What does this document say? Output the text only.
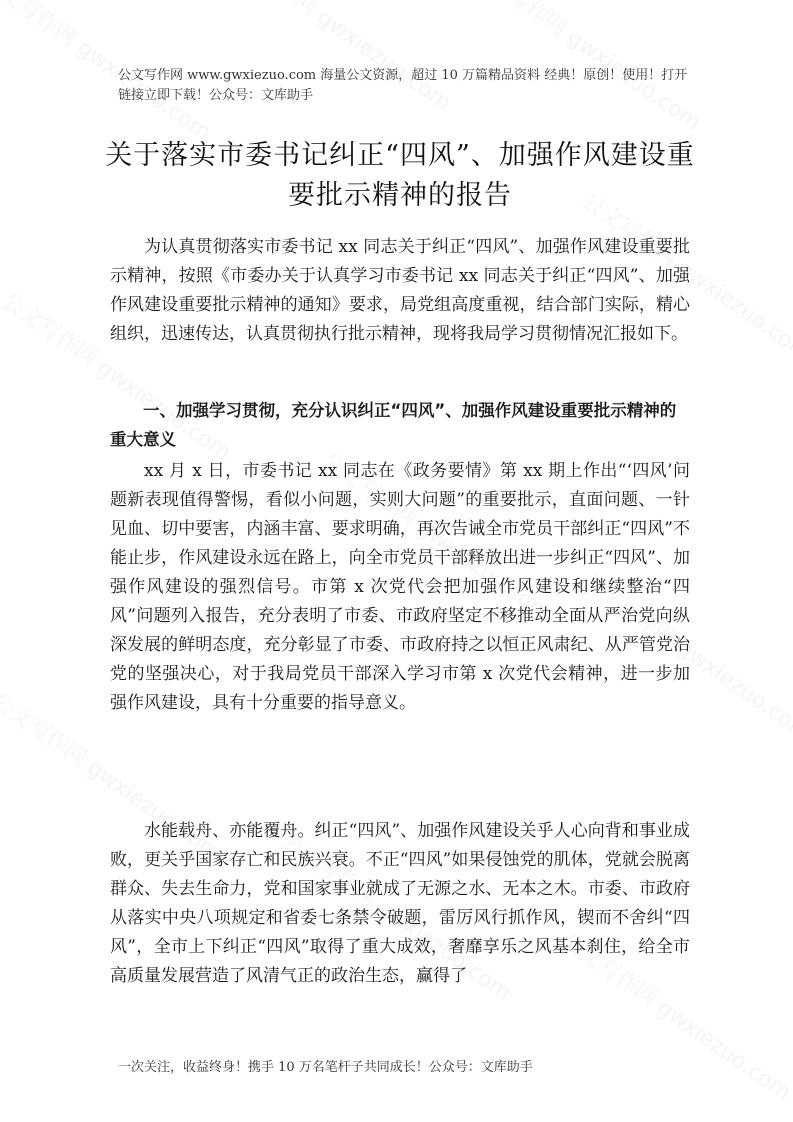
公文写作网 www.gwxiezuo.com 海量公文资源，超过 10 万篇精品资料 经典！原创！使用！打开链接立即下载！公众号：文库助手
关于落实市委书记纠正“四风”、加强作风建设重要批示精神的报告

为认真贯彻落实市委书记 xx 同志关于纠正“四风”、加强作风建设重要批示精神，按照《市委办关于认真学习市委书记 xx 同志关于纠正“四风”、加强作风建设重要批示精神的通知》要求，局党组高度重视，结合部门实际，精心组织，迅速传达，认真贯彻执行批示精神，现将我局学习贯彻情况汇报如下。

一、加强学习贯彻，充分认识纠正“四风”、加强作风建设重要批示精神的重大意义

xx 月 x 日，市委书记 xx 同志在《政务要情》第 xx 期上作出“‘四风’问题新表现值得警惕，看似小问题，实则大问题”的重要批示，直面问题、一针见血、切中要害，内涵丰富、要求明确，再次告诫全市党员干部纠正“四风”不能止步，作风建设永远在路上，向全市党员干部释放出进一步纠正“四风”、加强作风建设的强烈信号。市第 x 次党代会把加强作风建设和继续整治“四风”问题列入报告，充分表明了市委、市政府坚定不移推动全面从严治党向纵深发展的鲜明态度，充分彰显了市委、市政府持之以恒正风肃纪、从严管党治党的坚强决心，对于我局党员干部深入学习市第 x 次党代会精神，进一步加强作风建设，具有十分重要的指导意义。

水能载舟、亦能覆舟。纠正“四风”、加强作风建设关乎人心向背和事业成败，更关乎国家存亡和民族兴衰。不正“四风”如果侵蚀党的肌体，党就会脱离群众、失去生命力，党和国家事业就成了无源之水、无本之木。市委、市政府从落实中央八项规定和省委七条禁令破题，雷厉风行抓作风，锲而不舍纠“四风”，全市上下纠正“四风”取得了重大成效，奢靡享乐之风基本刹住，给全市高质量发展营造了风清气正的政治生态，赢得了

一次关注，收益终身！携手 10 万名笔杆子共同成长！公众号：文库助手
